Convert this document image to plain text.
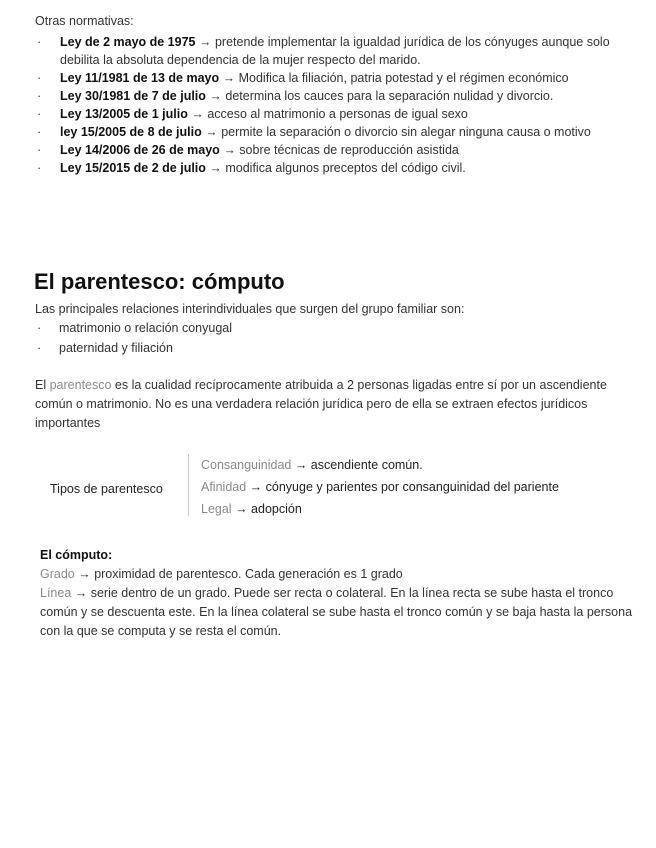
Otras normativas:
· Ley de 2 mayo de 1975 → pretende implementar la igualdad jurídica de los cónyuges aunque solo debilita la absoluta dependencia de la mujer respecto del marido.
· Ley 11/1981 de 13 de mayo → Modifica la filiación, patria potestad y el régimen económico
· Ley 30/1981 de 7 de julio → determina los cauces para la separación nulidad y divorcio.
· Ley 13/2005 de 1 julio → acceso al matrimonio a personas de igual sexo
· ley 15/2005 de 8 de julio → permite la separación o divorcio sin alegar ninguna causa o motivo
· Ley 14/2006 de 26 de mayo → sobre técnicas de reproducción asistida
· Ley 15/2015 de 2 de julio → modifica algunos preceptos del código civil.
El parentesco: cómputo
Las principales relaciones interindividuales que surgen del grupo familiar son:
· matrimonio o relación conyugal
· paternidad y filiación

El parentesco es la cualidad recíprocamente atribuida a 2 personas ligadas entre sí por un ascendiente común o matrimonio. No es una verdadera relación jurídica pero de ella se extraen efectos jurídicos importantes

Tipos de parentesco
Consanguinidad → ascendiente común.
Afinidad → cónyuge y parientes por consanguinidad del pariente
Legal → adopción
El cómputo:
Grado → proximidad de parentesco. Cada generación es 1 grado
Línea → serie dentro de un grado. Puede ser recta o colateral. En la línea recta se sube hasta el tronco común y se descuenta este. En la línea colateral se sube hasta el tronco común y se baja hasta la persona con la que se computa y se resta el común.
